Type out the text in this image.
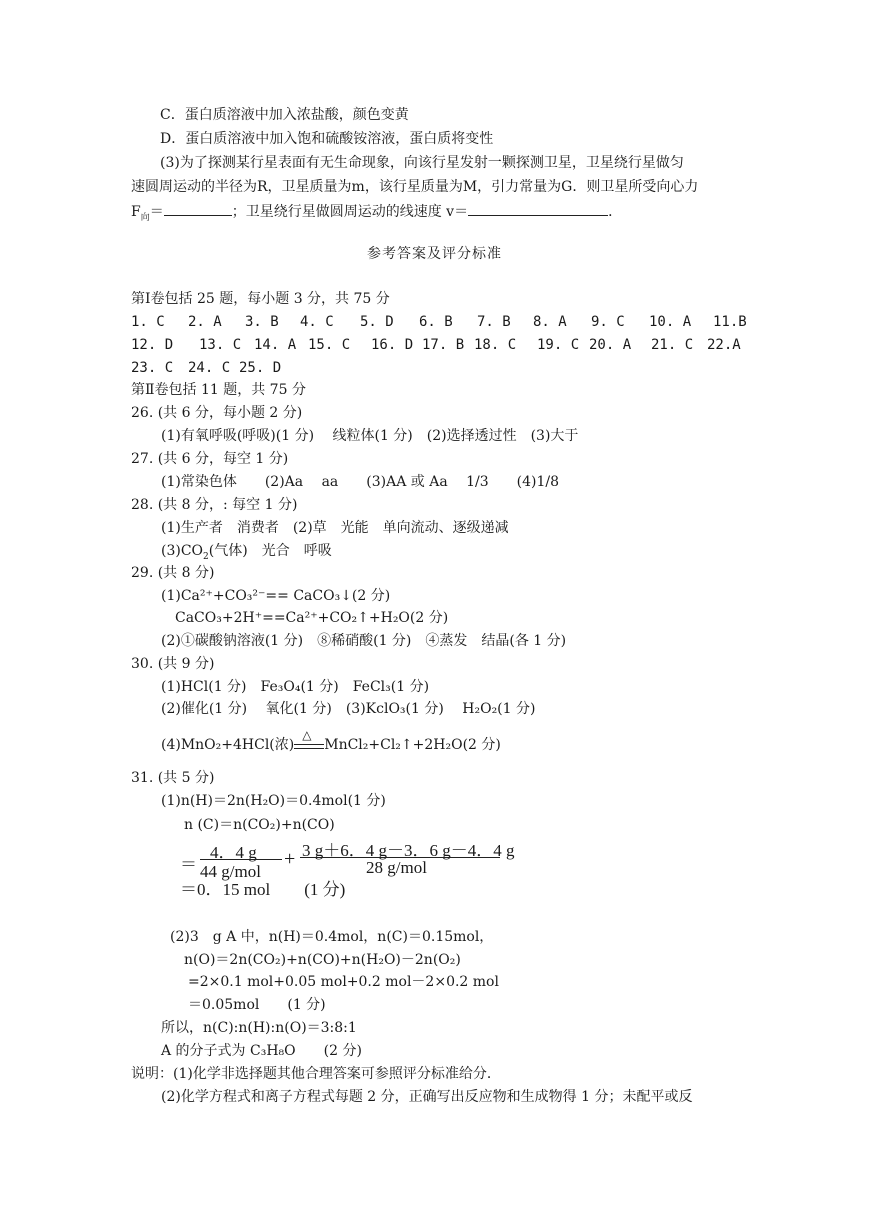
C．蛋白质溶液中加入浓盐酸，颜色变黄
D．蛋白质溶液中加入饱和硫酸铵溶液，蛋白质将变性
(3)为了探测某行星表面有无生命现象，向该行星发射一颗探测卫星，卫星绕行星做匀
速圆周运动的半径为R，卫星质量为m，该行星质量为M，引力常量为G．则卫星所受向心力
$F_向=$	；卫星绕行星做圆周运动的线速度 v＝	．
参考答案及评分标准
第Ⅰ卷包括 25 题，每小题 3 分，共 75 分
1. C 2. A 3. B 4. C 5. D 6. B 7. B 8. A 9. C 10. A 11.B
12. D 13. C 14. A 15. C 16. D 17. B 18. C 19. C 20. A 21. C 22.A
23. C 24. C 25. D
第Ⅱ卷包括 11 题，共 75 分
26. (共 6 分，每小题 2 分)
(1)有氧呼吸(呼吸)(1 分)　 线粒体(1 分)　(2)选择透过性　(3)大于
27. (共 6 分，每空 1 分)
(1)常染色体　　(2)Aa　 aa　　(3)AA 或 Aa　 1/3　　(4)1/8
28. (共 8 分，: 每空 1 分)
(1)生产者　消费者　(2)草　光能　单向流动、逐级递减
$(3)CO_2$(气体)　光合　呼吸
29. (共 8 分)
(1)Ca²⁺+CO₃²⁻== CaCO₃↓(2 分)
CaCO₃+2H⁺==Ca²⁺+CO₂↑+H₂O(2 分)
(2)①碳酸钠溶液(1 分)　⑧稀硝酸(1 分)　④蒸发　结晶(各 1 分)
30. (共 9 分)
(1)HCl(1 分)　Fe₃O₄(1 分)　FeCl₃(1 分)
(2)催化(1 分)　 氧化(1 分)　(3)KclO₃(1 分)　 H₂O₂(1 分)
(4)MnO₂+4HCl(浓)
△
MnCl₂+Cl₂↑+2H₂O(2 分)
31. (共 5 分)
(1)n(H)＝2n(H₂O)＝0.4mol(1 分)
n (C)＝n(CO₂)+n(CO)
＝
4．4 g
44 g/mol
+ 3 g＋6．4 g－3．6 g－4．4 g
28 g/mol
＝0．15 mol　　(1 分)
(2)3　g A 中，n(H)＝0.4mol，n(C)＝0.15mol，
n(O)＝2n(CO₂)+n(CO)+n(H₂O)－2n(O₂)
=2×0.1 mol+0.05 mol+0.2 mol－2×0.2 mol
＝0.05mol　　(1 分)
所以，n(C):n(H):n(O)＝3:8:1
A 的分子式为 C₃H₈O　　(2 分)
说明：(1)化学非选择题其他合理答案可参照评分标准给分．
(2)化学方程式和离子方程式每题 2 分，正确写出反应物和生成物得 1 分；未配平或反
